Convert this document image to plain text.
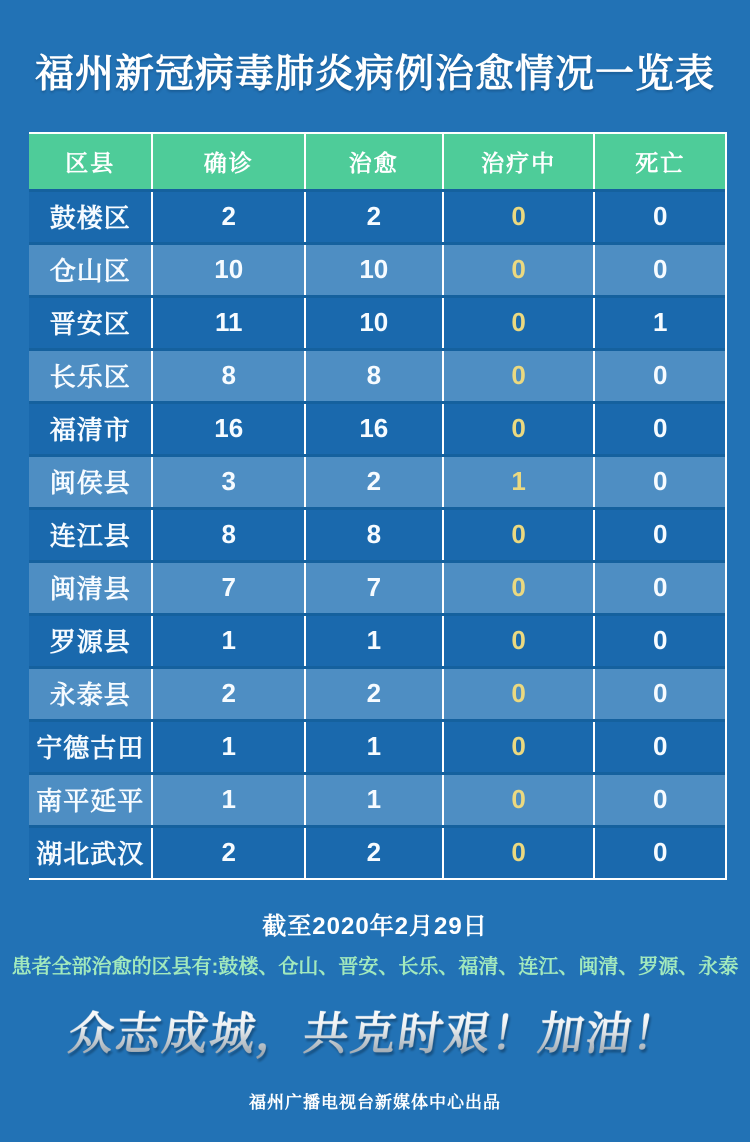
福州新冠病毒肺炎病例治愈情况一览表
区县	确诊	治愈	治疗中	死亡
鼓楼区	2	2	0	0
仓山区	10	10	0	0
晋安区	11	10	0	1
长乐区	8	8	0	0
福清市	16	16	0	0
闽侯县	3	2	1	0
连江县	8	8	0	0
闽清县	7	7	0	0
罗源县	1	1	0	0
永泰县	2	2	0	0
宁德古田	1	1	0	0
南平延平	1	1	0	0
湖北武汉	2	2	0	0
截至2020年2月29日
患者全部治愈的区县有:鼓楼、仓山、晋安、长乐、福清、连江、闽清、罗源、永泰
众志成城，共克时艰！加油！
福州广播电视台新媒体中心出品
